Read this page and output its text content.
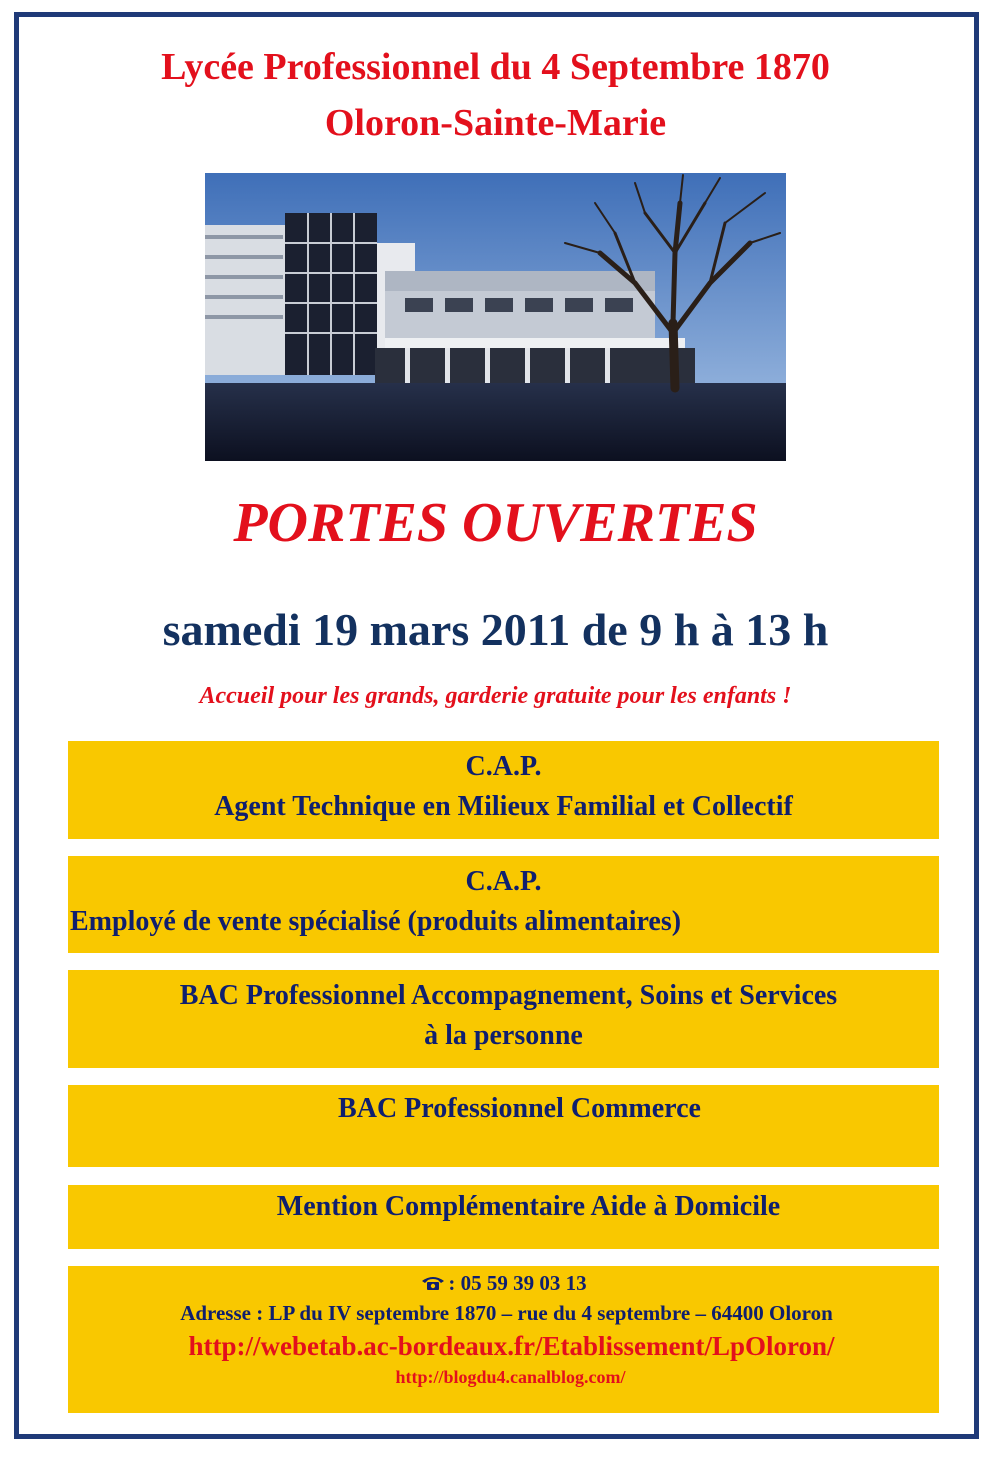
Lycée Professionnel du 4 Septembre 1870
Oloron-Sainte-Marie
PORTES OUVERTES
samedi 19 mars 2011 de 9 h à 13 h
Accueil pour les grands, garderie gratuite pour les enfants !
C.A.P.
Agent Technique en Milieux Familial et Collectif
C.A.P.
Employé de vente spécialisé (produits alimentaires)
BAC Professionnel Accompagnement, Soins et Services
à la personne
BAC Professionnel Commerce
Mention Complémentaire Aide à Domicile
: 05 59 39 03 13
Adresse : LP du IV septembre 1870 – rue du 4 septembre – 64400 Oloron
http://webetab.ac-bordeaux.fr/Etablissement/LpOloron/
http://blogdu4.canalblog.com/
